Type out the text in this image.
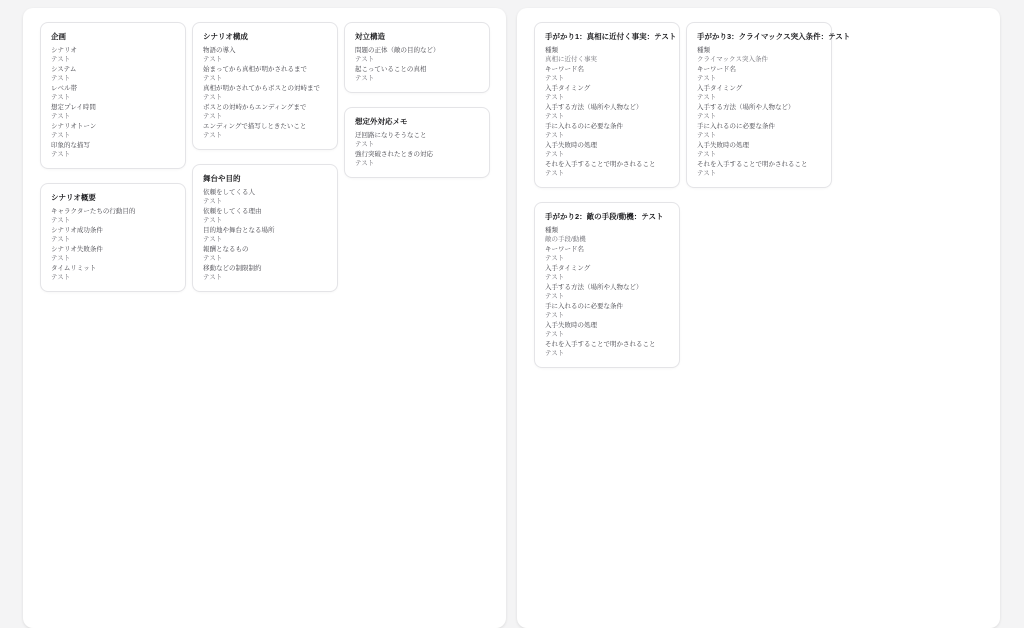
企画
シナリオ
テスト
システム
テスト
レベル帯
テスト
想定プレイ時間
テスト
シナリオトーン
テスト
印象的な描写
テスト
シナリオ概要
キャラクターたちの行動目的
テスト
シナリオ成功条件
テスト
シナリオ失敗条件
テスト
タイムリミット
テスト
シナリオ構成
物語の導入
テスト
始まってから真相が明かされるまで
テスト
真相が明かされてからボスとの対峙まで
テスト
ボスとの対峙からエンディングまで
テスト
エンディングで描写しときたいこと
テスト
舞台や目的
依頼をしてくる人
テスト
依頼をしてくる理由
テスト
目的地や舞台となる場所
テスト
報酬となるもの
テスト
移動などの制限制約
テスト
対立構造
問題の正体（敵の目的など）
テスト
起こっていることの真相
テスト
想定外対応メモ
迂回路になりそうなこと
テスト
強行突破されたときの対応
テスト
手がかり1：真相に近付く事実：テスト
種類
真相に近付く事実
キーワード名
テスト
入手タイミング
テスト
入手する方法（場所や人物など）
テスト
手に入れるのに必要な条件
テスト
入手失敗時の処理
テスト
それを入手することで明かされること
テスト
手がかり2：敵の手段/動機：テスト
種類
敵の手段/動機
キーワード名
テスト
入手タイミング
テスト
入手する方法（場所や人物など）
テスト
手に入れるのに必要な条件
テスト
入手失敗時の処理
テスト
それを入手することで明かされること
テスト
手がかり3：クライマックス突入条件：テスト
種類
クライマックス突入条件
キーワード名
テスト
入手タイミング
テスト
入手する方法（場所や人物など）
テスト
手に入れるのに必要な条件
テスト
入手失敗時の処理
テスト
それを入手することで明かされること
テスト
